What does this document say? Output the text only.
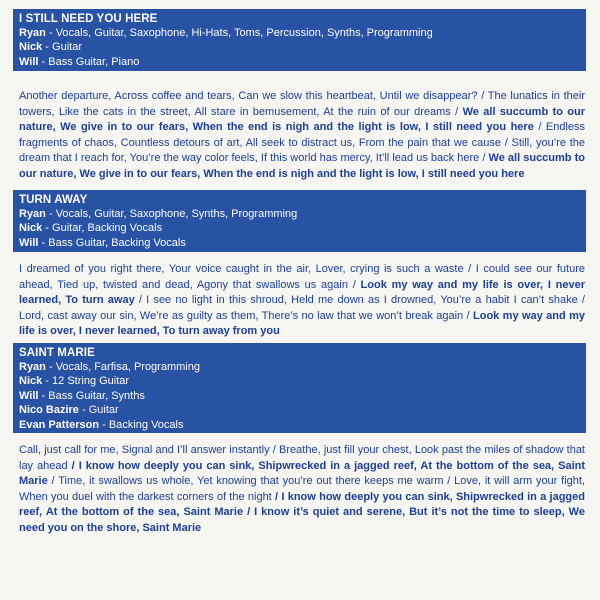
I STILL NEED YOU HERE
Ryan - Vocals, Guitar, Saxophone, Hi-Hats, Toms, Percussion, Synths, Programming
Nick - Guitar
Will - Bass Guitar, Piano
Another departure, Across coffee and tears, Can we slow this heartbeat, Until we disappear? / The lunatics in their towers, Like the cats in the street, All stare in bemusement, At the ruin of our dreams / We all succumb to our nature, We give in to our fears, When the end is nigh and the light is low, I still need you here / Endless fragments of chaos, Countless detours of art, All seek to distract us, From the pain that we cause / Still, you’re the dream that I reach for, You’re the way color feels, If this world has mercy, It’ll lead us back here / We all succumb to our nature, We give in to our fears, When the end is nigh and the light is low, I still need you here
TURN AWAY
Ryan - Vocals, Guitar, Saxophone, Synths, Programming
Nick - Guitar, Backing Vocals
Will - Bass Guitar, Backing Vocals
I dreamed of you right there, Your voice caught in the air, Lover, crying is such a waste / I could see our future ahead, Tied up, twisted and dead, Agony that swallows us again / Look my way and my life is over, I never learned, To turn away / I see no light in this shroud, Held me down as I drowned, You’re a habit I can’t shake / Lord, cast away our sin, We’re as guilty as them, There’s no law that we won’t break again / Look my way and my life is over, I never learned, To turn away from you
SAINT MARIE
Ryan - Vocals, Farfisa, Programming
Nick - 12 String Guitar
Will - Bass Guitar, Synths
Nico Bazire - Guitar
Evan Patterson - Backing Vocals
Call, just call for me, Signal and I’ll answer instantly / Breathe, just fill your chest, Look past the miles of shadow that lay ahead / I know how deeply you can sink, Shipwrecked in a jagged reef, At the bottom of the sea, Saint Marie / Time, it swallows us whole, Yet knowing that you’re out there keeps me warm / Love, it will arm your fight, When you duel with the darkest corners of the night / I know how deeply you can sink, Shipwrecked in a jagged reef, At the bottom of the sea, Saint Marie / I know it’s quiet and serene, But it’s not the time to sleep, We need you on the shore, Saint Marie
